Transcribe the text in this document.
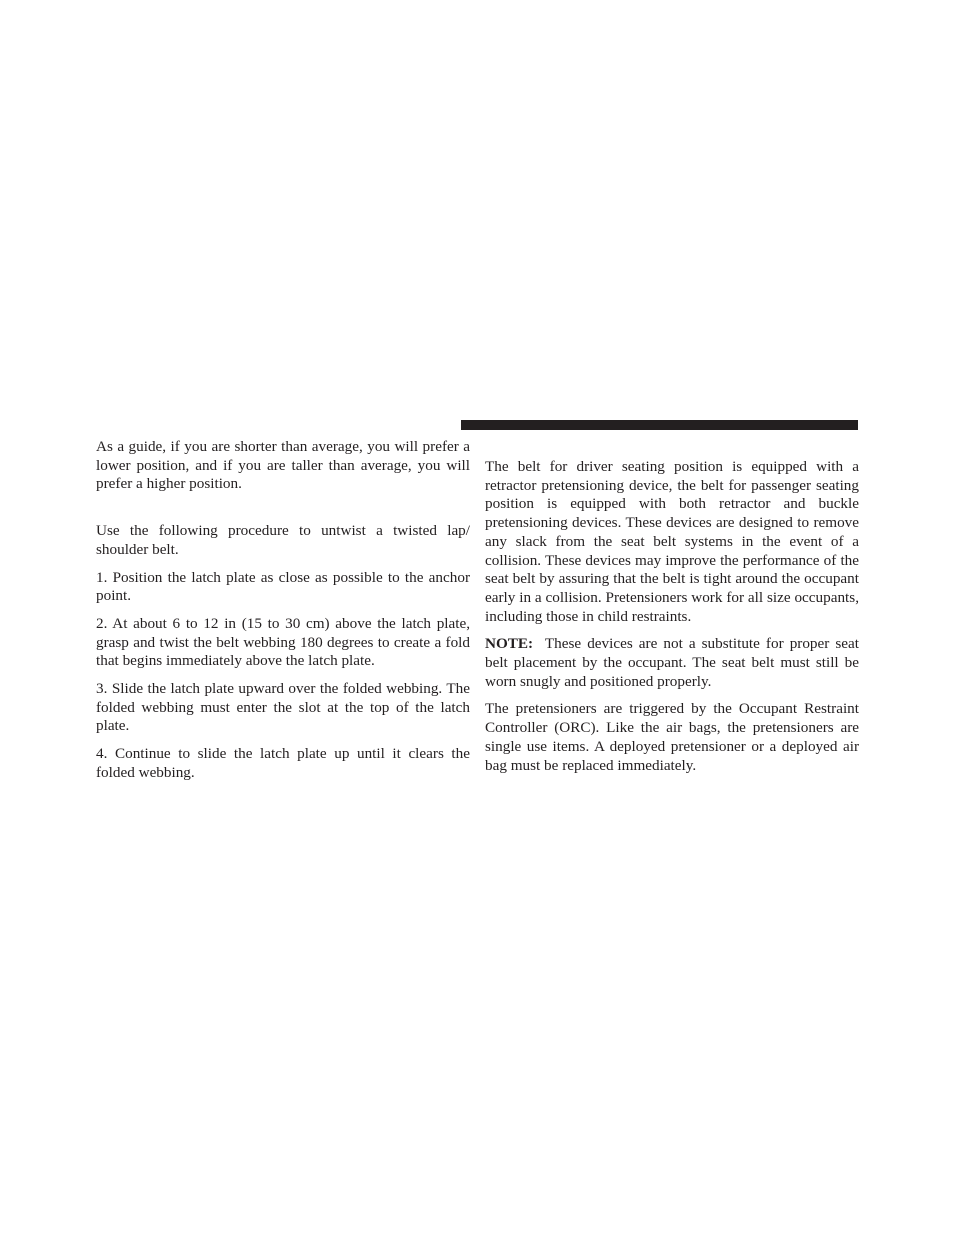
As a guide, if you are shorter than average, you will prefer a lower position, and if you are taller than average, you will prefer a higher position.

Use the following procedure to untwist a twisted lap/ shoulder belt.

1. Position the latch plate as close as possible to the anchor point.

2. At about 6 to 12 in (15 to 30 cm) above the latch plate, grasp and twist the belt webbing 180 degrees to create a fold that begins immediately above the latch plate.

3. Slide the latch plate upward over the folded webbing. The folded webbing must enter the slot at the top of the latch plate.

4. Continue to slide the latch plate up until it clears the folded webbing.

The belt for driver seating position is equipped with a retractor pretensioning device, the belt for passenger seating position is equipped with both retractor and buckle pretensioning devices. These devices are designed to remove any slack from the seat belt systems in the event of a collision. These devices may improve the performance of the seat belt by assuring that the belt is tight around the occupant early in a collision. Pretensioners work for all size occupants, including those in child restraints.

NOTE: These devices are not a substitute for proper seat belt placement by the occupant. The seat belt must still be worn snugly and positioned properly.

The pretensioners are triggered by the Occupant Restraint Controller (ORC). Like the air bags, the pretensioners are single use items. A deployed pretensioner or a deployed air bag must be replaced immediately.
